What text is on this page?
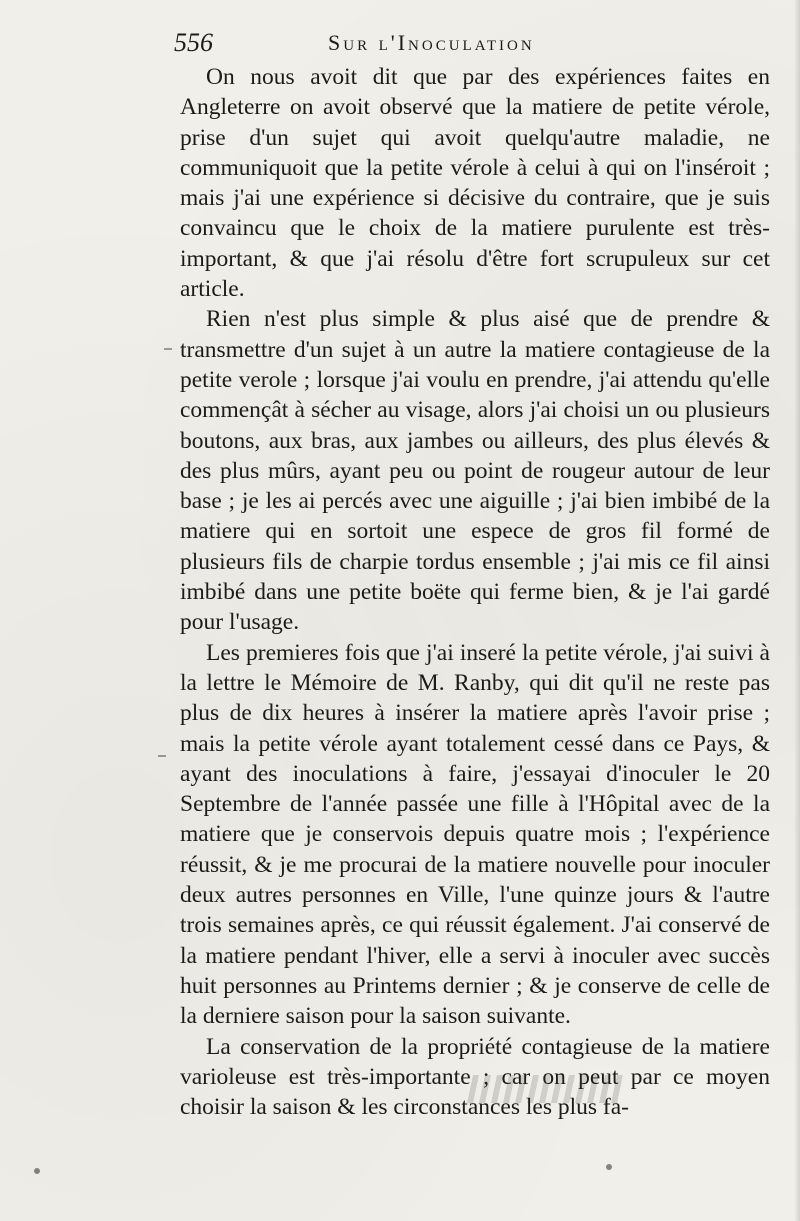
556	Sur l'Inoculation

On nous avoit dit que par des expériences faites en Angleterre on avoit observé que la matiere de petite vérole, prise d'un sujet qui avoit quelqu'autre maladie, ne communiquoit que la petite vérole à celui à qui on l'inséroit ; mais j'ai une expérience si décisive du contraire, que je suis convaincu que le choix de la matiere purulente est très-important, & que j'ai résolu d'être fort scrupuleux sur cet article.

Rien n'est plus simple & plus aisé que de prendre & transmettre d'un sujet à un autre la matiere contagieuse de la petite verole ; lorsque j'ai voulu en prendre, j'ai attendu qu'elle commençât à sécher au visage, alors j'ai choisi un ou plusieurs boutons, aux bras, aux jambes ou ailleurs, des plus élevés & des plus mûrs, ayant peu ou point de rougeur autour de leur base ; je les ai percés avec une aiguille ; j'ai bien imbibé de la matiere qui en sortoit une espece de gros fil formé de plusieurs fils de charpie tordus ensemble ; j'ai mis ce fil ainsi imbibé dans une petite boëte qui ferme bien, & je l'ai gardé pour l'usage.

Les premieres fois que j'ai inseré la petite vérole, j'ai suivi à la lettre le Mémoire de M. Ranby, qui dit qu'il ne reste pas plus de dix heures à insérer la matiere après l'avoir prise ; mais la petite vérole ayant totalement cessé dans ce Pays, & ayant des inoculations à faire, j'essayai d'inoculer le 20 Septembre de l'année passée une fille à l'Hôpital avec de la matiere que je conservois depuis quatre mois ; l'expérience réussit, & je me procurai de la matiere nouvelle pour inoculer deux autres personnes en Ville, l'une quinze jours & l'autre trois semaines après, ce qui réussit également. J'ai conservé de la matiere pendant l'hiver, elle a servi à inoculer avec succès huit personnes au Printems dernier ; & je conserve de celle de la derniere saison pour la saison suivante.

La conservation de la propriété contagieuse de la matiere varioleuse est très-importante ; car on peut par ce moyen choisir la saison & les circonstances les plus fa-
